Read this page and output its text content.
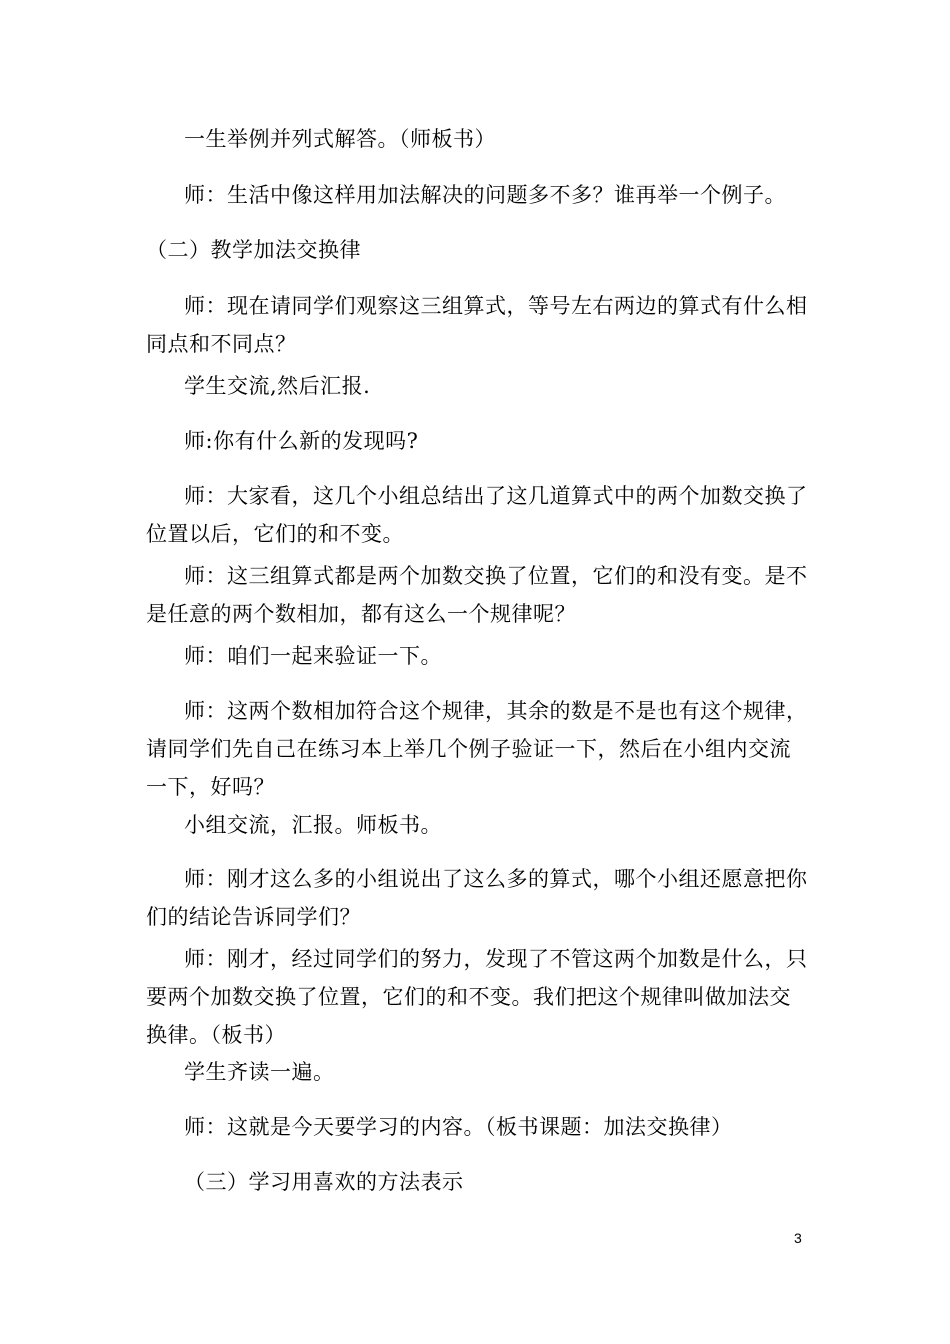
一生举例并列式解答。（师板书）

师：生活中像这样用加法解决的问题多不多？谁再举一个例子。

（二）教学加法交换律

师：现在请同学们观察这三组算式，等号左右两边的算式有什么相同点和不同点？

学生交流,然后汇报.

师:你有什么新的发现吗?

师：大家看，这几个小组总结出了这几道算式中的两个加数交换了位置以后，它们的和不变。

师：这三组算式都是两个加数交换了位置，它们的和没有变。是不是任意的两个数相加，都有这么一个规律呢？

师：咱们一起来验证一下。

师：这两个数相加符合这个规律，其余的数是不是也有这个规律，请同学们先自己在练习本上举几个例子验证一下，然后在小组内交流一下，好吗？

小组交流，汇报。师板书。

师：刚才这么多的小组说出了这么多的算式，哪个小组还愿意把你们的结论告诉同学们？

师：刚才，经过同学们的努力，发现了不管这两个加数是什么，只要两个加数交换了位置，它们的和不变。我们把这个规律叫做加法交换律。（板书）

学生齐读一遍。

师：这就是今天要学习的内容。（板书课题：加法交换律）

（三）学习用喜欢的方法表示

3
